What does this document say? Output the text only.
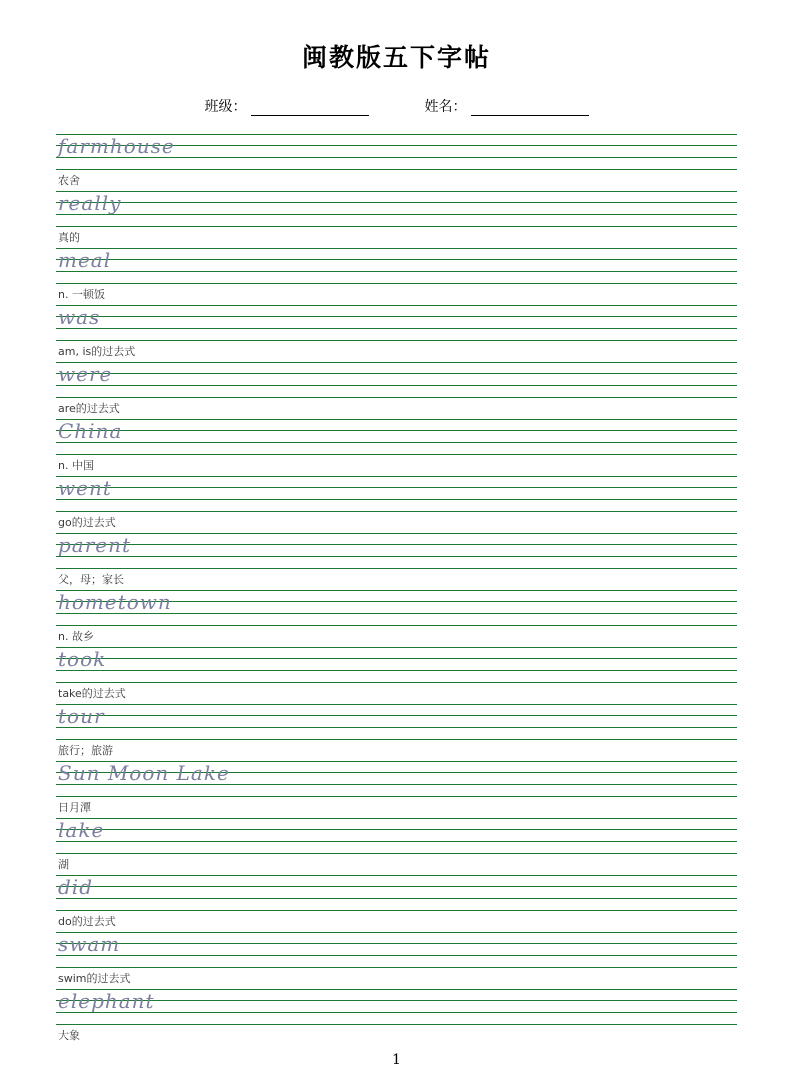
闽教版五下字帖
班级：	姓名：
farmhouse
农舍
really
真的
meal
n. 一顿饭
was
am, is的过去式
were
are的过去式
China
n. 中国
went
go的过去式
parent
父，母；家长
hometown
n. 故乡
took
take的过去式
tour
旅行；旅游
Sun Moon Lake
日月潭
lake
湖
did
do的过去式
swam
swim的过去式
elephant
大象
1
